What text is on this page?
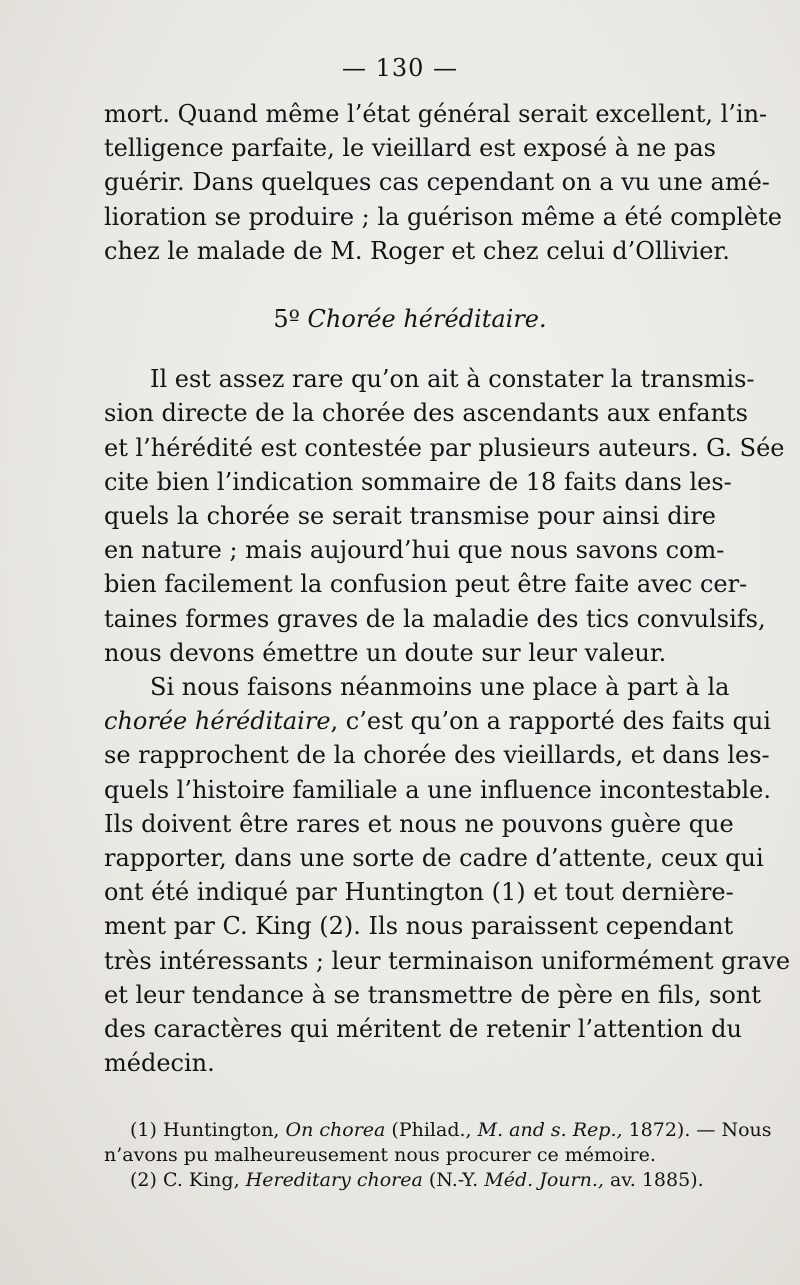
— 130 —

mort. Quand même l’état général serait excellent, l’in-
telligence parfaite, le vieillard est exposé à ne pas
guérir. Dans quelques cas cependant on a vu une amé-
lioration se produire ; la guérison même a été complète
chez le malade de M. Roger et chez celui d’Ollivier.

5º Chorée héréditaire.

Il est assez rare qu’on ait à constater la transmis-
sion directe de la chorée des ascendants aux enfants
et l’hérédité est contestée par plusieurs auteurs. G. Sée
cite bien l’indication sommaire de 18 faits dans les-
quels la chorée se serait transmise pour ainsi dire
en nature ; mais aujourd’hui que nous savons com-
bien facilement la confusion peut être faite avec cer-
taines formes graves de la maladie des tics convulsifs,
nous devons émettre un doute sur leur valeur.

Si nous faisons néanmoins une place à part à la
chorée héréditaire, c’est qu’on a rapporté des faits qui
se rapprochent de la chorée des vieillards, et dans les-
quels l’histoire familiale a une influence incontestable.
Ils doivent être rares et nous ne pouvons guère que
rapporter, dans une sorte de cadre d’attente, ceux qui
ont été indiqué par Huntington (1) et tout dernière-
ment par C. King (2). Ils nous paraissent cependant
très intéressants ; leur terminaison uniformément grave
et leur tendance à se transmettre de père en fils, sont
des caractères qui méritent de retenir l’attention du
médecin.

(1) Huntington, On chorea (Philad., M. and s. Rep., 1872). — Nous
n’avons pu malheureusement nous procurer ce mémoire.
(2) C. King, Hereditary chorea (N.-Y. Méd. Journ., av. 1885).
